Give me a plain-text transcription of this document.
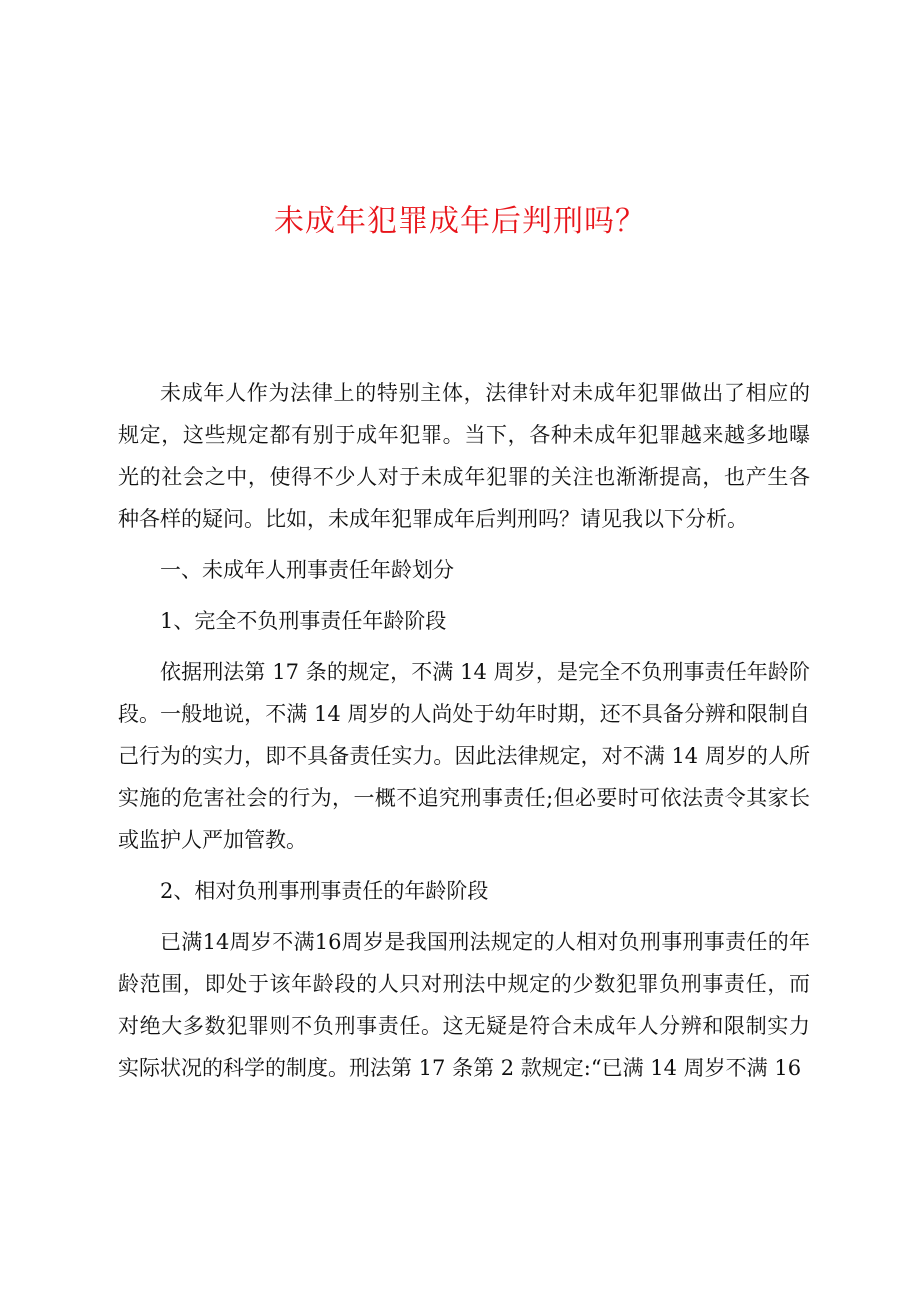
未成年犯罪成年后判刑吗？

未成年人作为法律上的特别主体，法律针对未成年犯罪做出了相应的规定，这些规定都有别于成年犯罪。当下，各种未成年犯罪越来越多地曝光的社会之中，使得不少人对于未成年犯罪的关注也渐渐提高，也产生各种各样的疑问。比如，未成年犯罪成年后判刑吗？请见我以下分析。

一、未成年人刑事责任年龄划分

1、完全不负刑事责任年龄阶段

依据刑法第 17 条的规定，不满 14 周岁，是完全不负刑事责任年龄阶段。一般地说，不满 14 周岁的人尚处于幼年时期，还不具备分辨和限制自己行为的实力，即不具备责任实力。因此法律规定，对不满 14 周岁的人所实施的危害社会的行为，一概不追究刑事责任;但必要时可依法责令其家长或监护人严加管教。

2、相对负刑事刑事责任的年龄阶段

已满14周岁不满16周岁是我国刑法规定的人相对负刑事刑事责任的年龄范围，即处于该年龄段的人只对刑法中规定的少数犯罪负刑事责任，而对绝大多数犯罪则不负刑事责任。这无疑是符合未成年人分辨和限制实力实际状况的科学的制度。刑法第 17 条第 2 款规定:“已满 14 周岁不满 16
